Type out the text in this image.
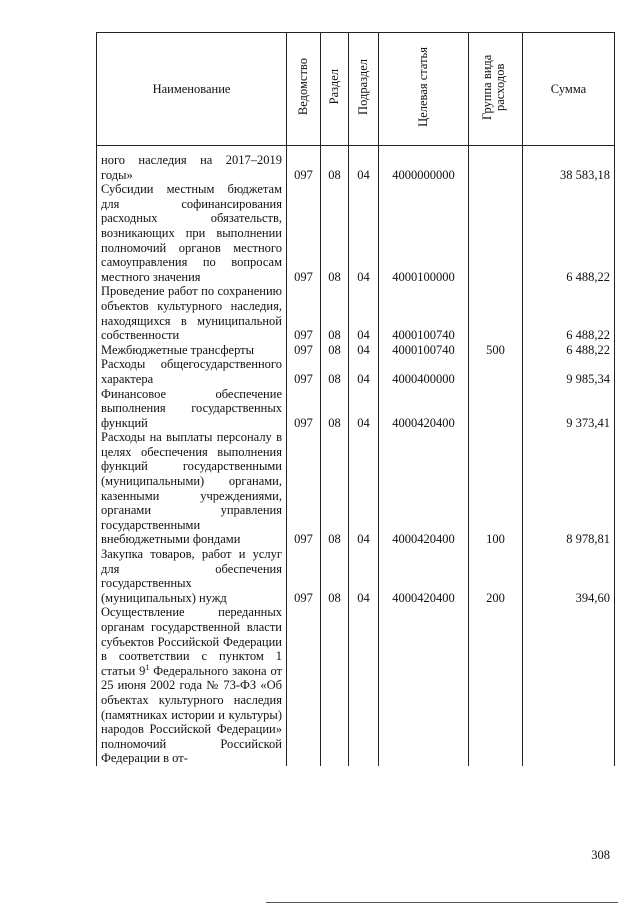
Наименование	Ведомство	Раздел	Подраздел	Целевая статья	Группа вида расходов	Сумма
ного наследия на 2017–2019 годы»	097	08	04	4000000000		38 583,18
Субсидии местным бюджетам для софинансирования расходных обязательств, возникающих при выполнении полномочий органов местного самоуправления по вопросам местного значения	097	08	04	4000100000		6 488,22
Проведение работ по сохранению объектов культурного наследия, находящихся в муниципальной собственности	097	08	04	4000100740		6 488,22
Межбюджетные трансферты	097	08	04	4000100740	500	6 488,22
Расходы общегосударственного характера	097	08	04	4000400000		9 985,34
Финансовое обеспечение выполнения государственных функций	097	08	04	4000420400		9 373,41
Расходы на выплаты персоналу в целях обеспечения выполнения функций государственными (муниципальными) органами, казенными учреждениями, органами управления государственными внебюджетными фондами	097	08	04	4000420400	100	8 978,81
Закупка товаров, работ и услуг для обеспечения государственных (муниципальных) нужд	097	08	04	4000420400	200	394,60
Осуществление переданных органам государственной власти субъектов Российской Федерации в соответствии с пунктом 1 статьи $9^1$ Федерального закона от 25 июня 2002 года № 73-ФЗ «Об объектах культурного наследия (памятниках истории и культуры) народов Российской Федерации» полномочий Российской Федерации в от-						
308
